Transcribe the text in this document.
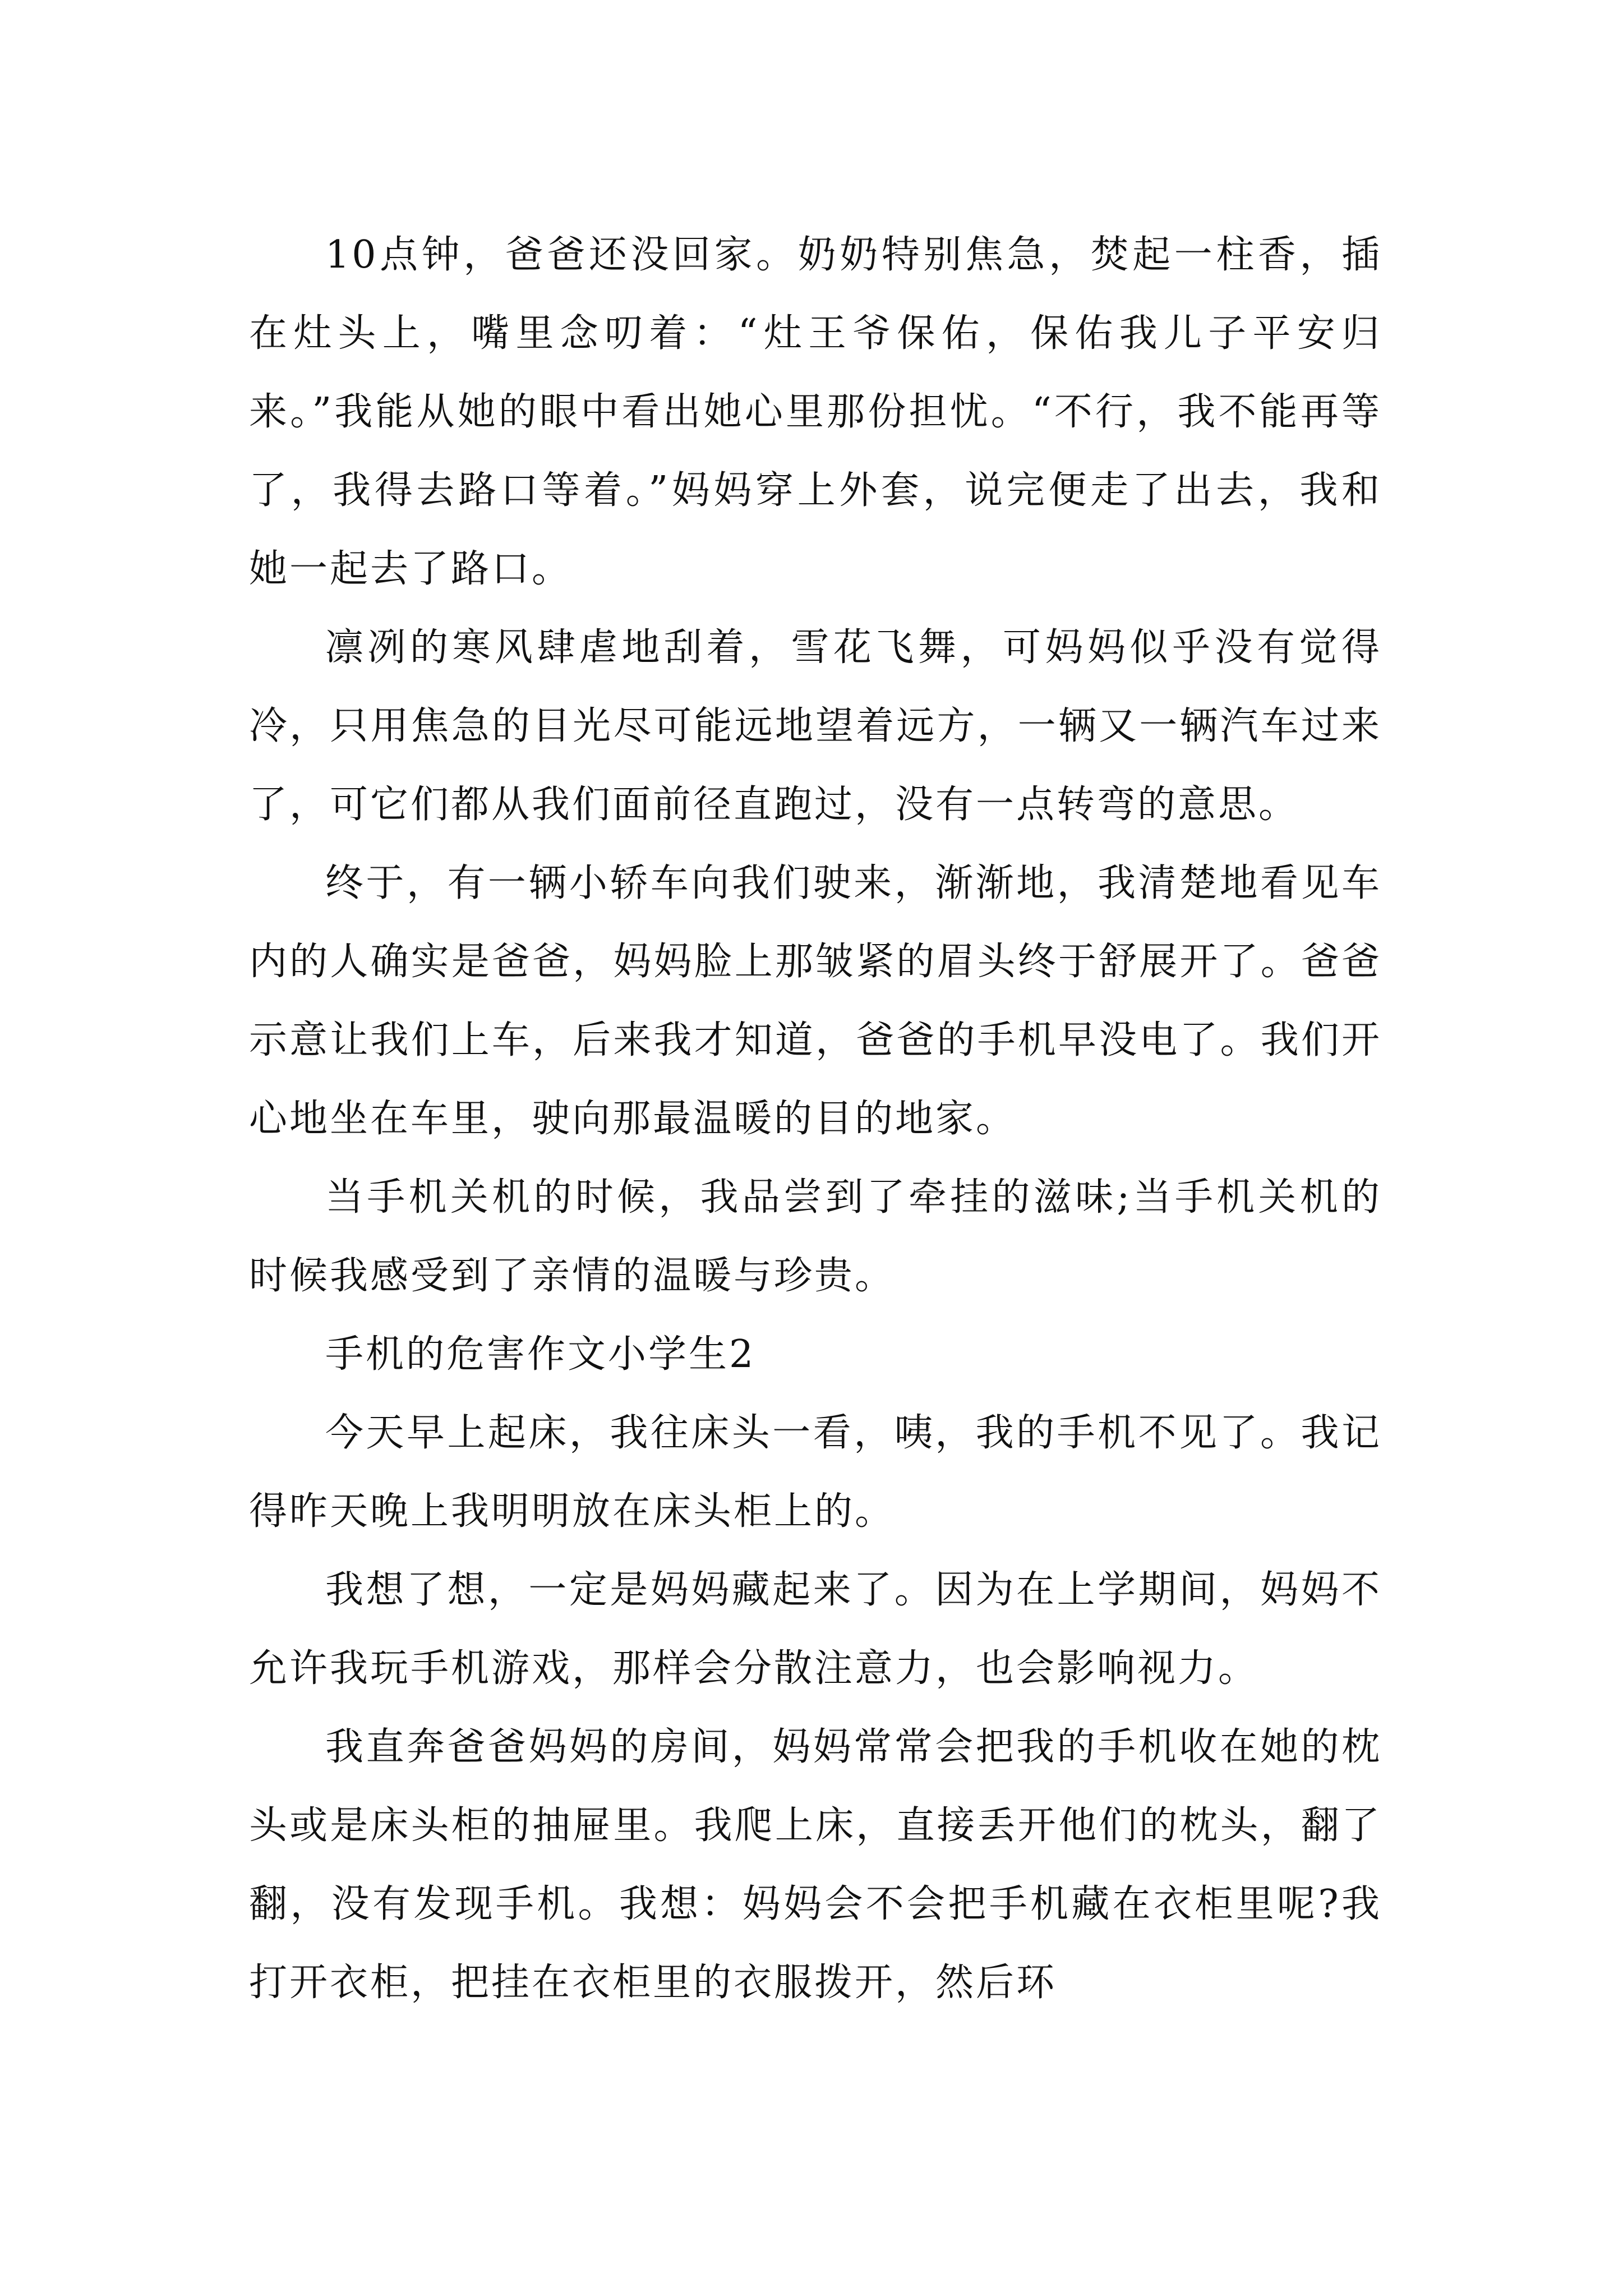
10点钟，爸爸还没回家。奶奶特别焦急，焚起一柱香，插在灶头上，嘴里念叨着：“灶王爷保佑，保佑我儿子平安归来。”我能从她的眼中看出她心里那份担忧。“不行，我不能再等了，我得去路口等着。”妈妈穿上外套，说完便走了出去，我和她一起去了路口。

凛冽的寒风肆虐地刮着，雪花飞舞，可妈妈似乎没有觉得冷，只用焦急的目光尽可能远地望着远方，一辆又一辆汽车过来了，可它们都从我们面前径直跑过，没有一点转弯的意思。

终于，有一辆小轿车向我们驶来，渐渐地，我清楚地看见车内的人确实是爸爸，妈妈脸上那皱紧的眉头终于舒展开了。爸爸示意让我们上车，后来我才知道，爸爸的手机早没电了。我们开心地坐在车里，驶向那最温暖的目的地家。

当手机关机的时候，我品尝到了牵挂的滋味;当手机关机的时候我感受到了亲情的温暖与珍贵。

手机的危害作文小学生2

今天早上起床，我往床头一看，咦，我的手机不见了。我记得昨天晚上我明明放在床头柜上的。

我想了想，一定是妈妈藏起来了。因为在上学期间，妈妈不允许我玩手机游戏，那样会分散注意力，也会影响视力。

我直奔爸爸妈妈的房间，妈妈常常会把我的手机收在她的枕头或是床头柜的抽屉里。我爬上床，直接丢开他们的枕头，翻了翻，没有发现手机。我想：妈妈会不会把手机藏在衣柜里呢?我打开衣柜，把挂在衣柜里的衣服拨开，然后环
